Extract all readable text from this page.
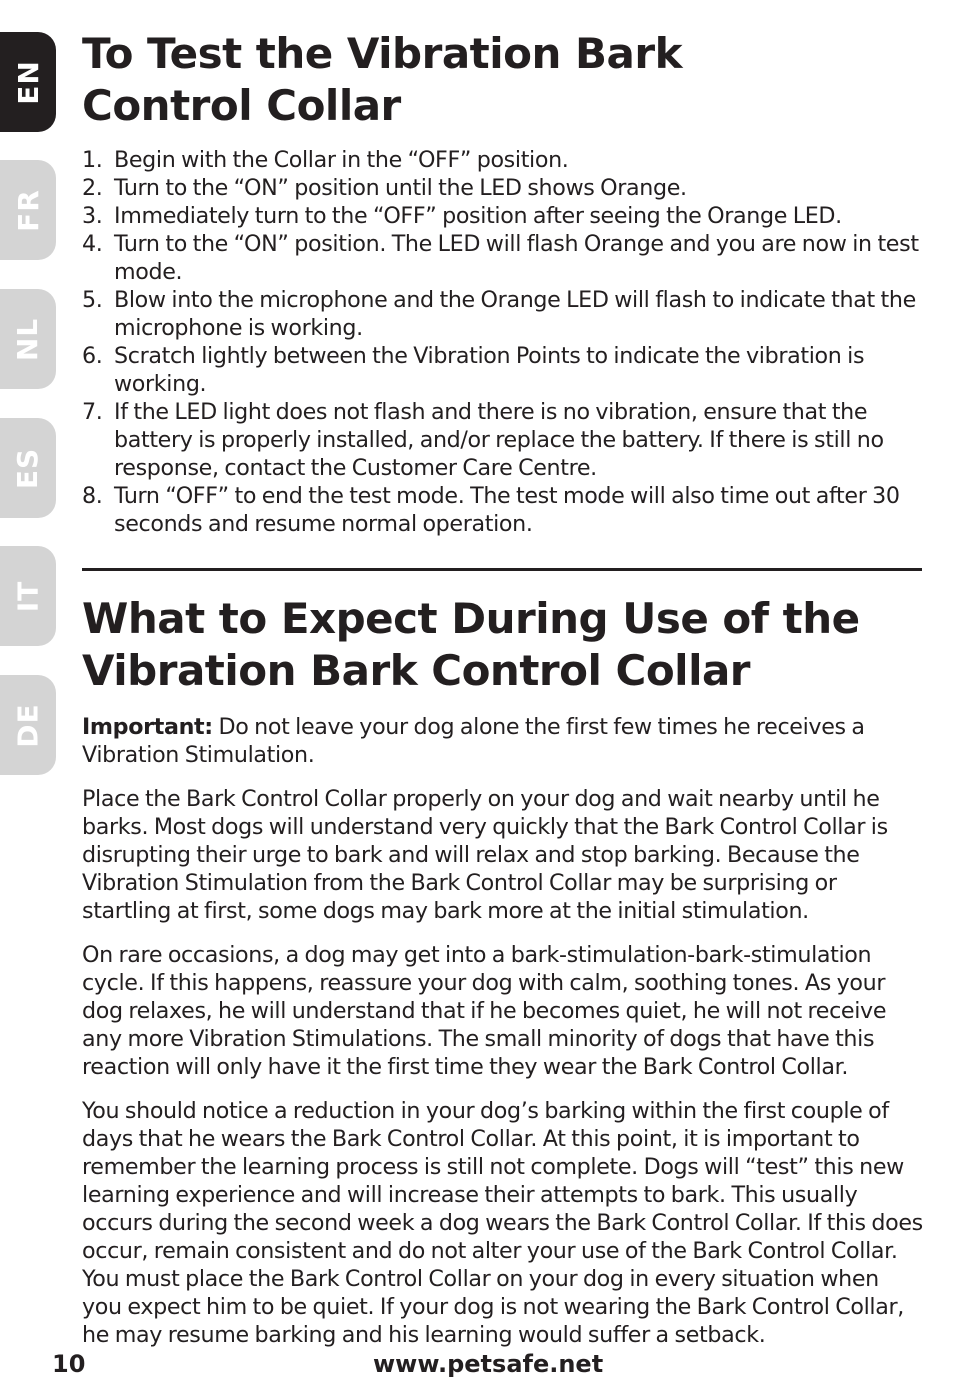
EN
FR
NL
ES
IT
DE
To Test the Vibration Bark
Control Collar
1. Begin with the Collar in the “OFF” position.
2. Turn to the “ON” position until the LED shows Orange.
3. Immediately turn to the “OFF” position after seeing the Orange LED.
4. Turn to the “ON” position. The LED will flash Orange and you are now in test mode.
5. Blow into the microphone and the Orange LED will flash to indicate that the microphone is working.
6. Scratch lightly between the Vibration Points to indicate the vibration is working.
7. If the LED light does not flash and there is no vibration, ensure that the battery is properly installed, and/or replace the battery. If there is still no response, contact the Customer Care Centre.
8. Turn “OFF” to end the test mode. The test mode will also time out after 30 seconds and resume normal operation.
What to Expect During Use of the
Vibration Bark Control Collar

Important: Do not leave your dog alone the first few times he receives a Vibration Stimulation.

Place the Bark Control Collar properly on your dog and wait nearby until he barks. Most dogs will understand very quickly that the Bark Control Collar is disrupting their urge to bark and will relax and stop barking. Because the Vibration Stimulation from the Bark Control Collar may be surprising or startling at first, some dogs may bark more at the initial stimulation.

On rare occasions, a dog may get into a bark-stimulation-bark-stimulation cycle. If this happens, reassure your dog with calm, soothing tones. As your dog relaxes, he will understand that if he becomes quiet, he will not receive any more Vibration Stimulations. The small minority of dogs that have this reaction will only have it the first time they wear the Bark Control Collar.

You should notice a reduction in your dog’s barking within the first couple of days that he wears the Bark Control Collar. At this point, it is important to remember the learning process is still not complete. Dogs will “test” this new learning experience and will increase their attempts to bark. This usually occurs during the second week a dog wears the Bark Control Collar. If this does occur, remain consistent and do not alter your use of the Bark Control Collar. You must place the Bark Control Collar on your dog in every situation when you expect him to be quiet. If your dog is not wearing the Bark Control Collar, he may resume barking and his learning would suffer a setback.

10	www.petsafe.net
